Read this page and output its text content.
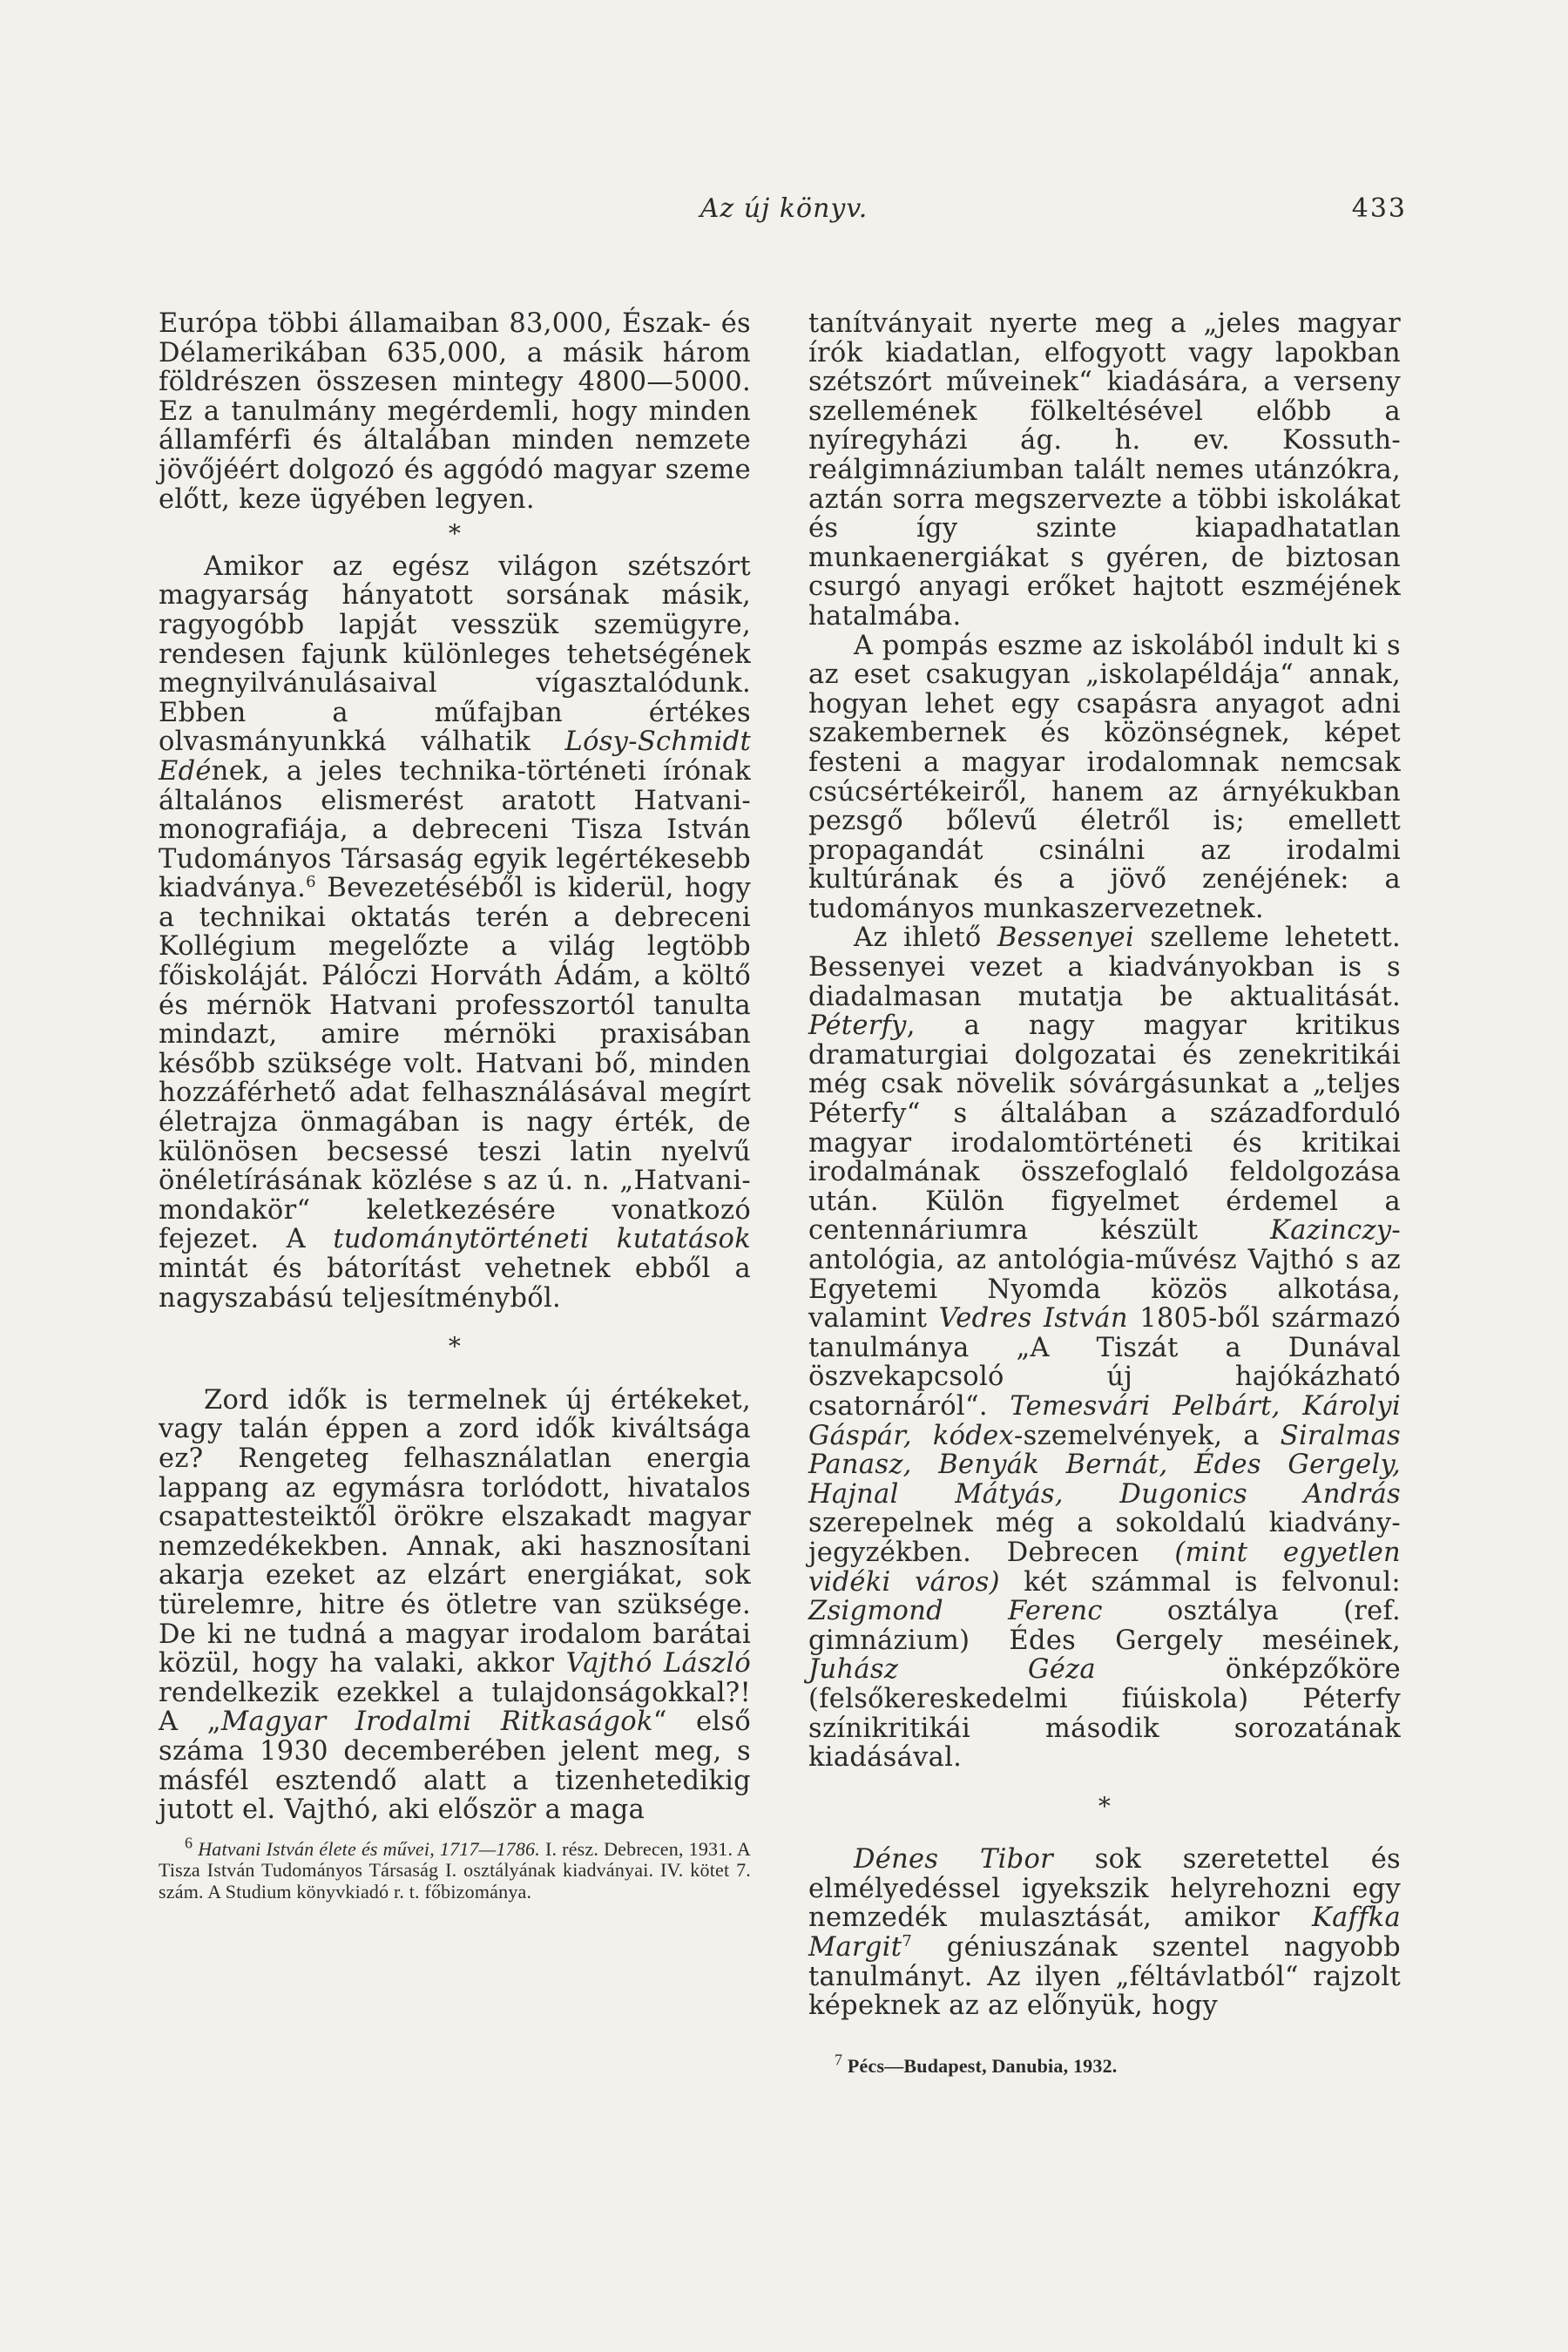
Az új könyv.	433

Európa többi államaiban 83,000, Észak- és Délamerikában 635,000, a másik három földrészen összesen mintegy 4800—5000. Ez a tanulmány megérdemli, hogy minden államférfi és általában minden nemzete jövőjéért dolgozó és aggódó magyar szeme előtt, keze ügyében legyen.

*

Amikor az egész világon szétszórt magyarság hányatott sorsának másik, ragyogóbb lapját vesszük szemügyre, rendesen fajunk különleges tehetségének megnyilvánulásaival vígasztalódunk. Ebben a műfajban értékes olvasmányunkká válhatik Lósy-Schmidt Edének, a jeles technika-történeti írónak általános elismerést aratott Hatvani-monografiája, a debreceni Tisza István Tudományos Társaság egyik legértékesebb kiadványa.$^6$ Bevezetéséből is kiderül, hogy a technikai oktatás terén a debreceni Kollégium megelőzte a világ legtöbb főiskoláját. Pálóczi Horváth Ádám, a költő és mérnök Hatvani professzortól tanulta mindazt, amire mérnöki praxisában később szüksége volt. Hatvani bő, minden hozzáférhető adat felhasználásával megírt életrajza önmagában is nagy érték, de különösen becsessé teszi latin nyelvű önéletírásának közlése s az ú. n. „Hatvani-mondakör“ keletkezésére vonatkozó fejezet. A tudománytörténeti kutatások mintát és bátorítást vehetnek ebből a nagyszabású teljesítményből.

*

Zord idők is termelnek új értékeket, vagy talán éppen a zord idők kiváltsága ez? Rengeteg felhasználatlan energia lappang az egymásra torlódott, hivatalos csapattesteiktől örökre elszakadt magyar nemzedékekben. Annak, aki hasznosítani akarja ezeket az elzárt energiákat, sok türelemre, hitre és ötletre van szüksége. De ki ne tudná a magyar irodalom barátai közül, hogy ha valaki, akkor Vajthó László rendelkezik ezekkel a tulajdonságokkal?! A „Magyar Irodalmi Ritkaságok“ első száma 1930 decemberében jelent meg, s másfél esztendő alatt a tizenhetedikig jutott el. Vajthó, aki először a maga

$^6$ Hatvani István élete és művei, 1717—1786. I. rész. Debrecen, 1931. A Tisza István Tudományos Társaság I. osztályának kiadványai. IV. kötet 7. szám. A Studium könyvkiadó r. t. főbizománya.

tanítványait nyerte meg a „jeles magyar írók kiadatlan, elfogyott vagy lapokban szétszórt műveinek“ kiadására, a verseny szellemének fölkeltésével előbb a nyíregyházi ág. h. ev. Kossuth-reálgimnáziumban talált nemes utánzókra, aztán sorra megszervezte a többi iskolákat és így szinte kiapadhatatlan munkaenergiákat s gyéren, de biztosan csurgó anyagi erőket hajtott eszméjének hatalmába.

A pompás eszme az iskolából indult ki s az eset csakugyan „iskolapéldája“ annak, hogyan lehet egy csapásra anyagot adni szakembernek és közönségnek, képet festeni a magyar irodalomnak nemcsak csúcsértékeiről, hanem az árnyékukban pezsgő bőlevű életről is; emellett propagandát csinálni az irodalmi kultúrának és a jövő zenéjének: a tudományos munkaszervezetnek.

Az ihlető Bessenyei szelleme lehetett. Bessenyei vezet a kiadványokban is s diadalmasan mutatja be aktualitását. Péterfy, a nagy magyar kritikus dramaturgiai dolgozatai és zenekritikái még csak növelik sóvárgásunkat a „teljes Péterfy“ s általában a századforduló magyar irodalomtörténeti és kritikai irodalmának összefoglaló feldolgozása után. Külön figyelmet érdemel a centennáriumra készült Kazinczy-antológia, az antológia-művész Vajthó s az Egyetemi Nyomda közös alkotása, valamint Vedres István 1805-ből származó tanulmánya „A Tiszát a Dunával öszvekapcsoló új hajókázható csatornáról“. Temesvári Pelbárt, Károlyi Gáspár, kódex-szemelvények, a Siralmas Panasz, Benyák Bernát, Édes Gergely, Hajnal Mátyás, Dugonics András szerepelnek még a sokoldalú kiadvány-jegyzékben. Debrecen (mint egyetlen vidéki város) két számmal is felvonul: Zsigmond Ferenc osztálya (ref. gimnázium) Édes Gergely meséinek, Juhász Géza önképzőköre (felsőkereskedelmi fiúiskola) Péterfy színikritikái második sorozatának kiadásával.

*

Dénes Tibor sok szeretettel és elmélyedéssel igyekszik helyrehozni egy nemzedék mulasztását, amikor Kaffka Margit$^7$ géniuszának szentel nagyobb tanulmányt. Az ilyen „féltávlatból“ rajzolt képeknek az az előnyük, hogy

$^7$ Pécs—Budapest, Danubia, 1932.
